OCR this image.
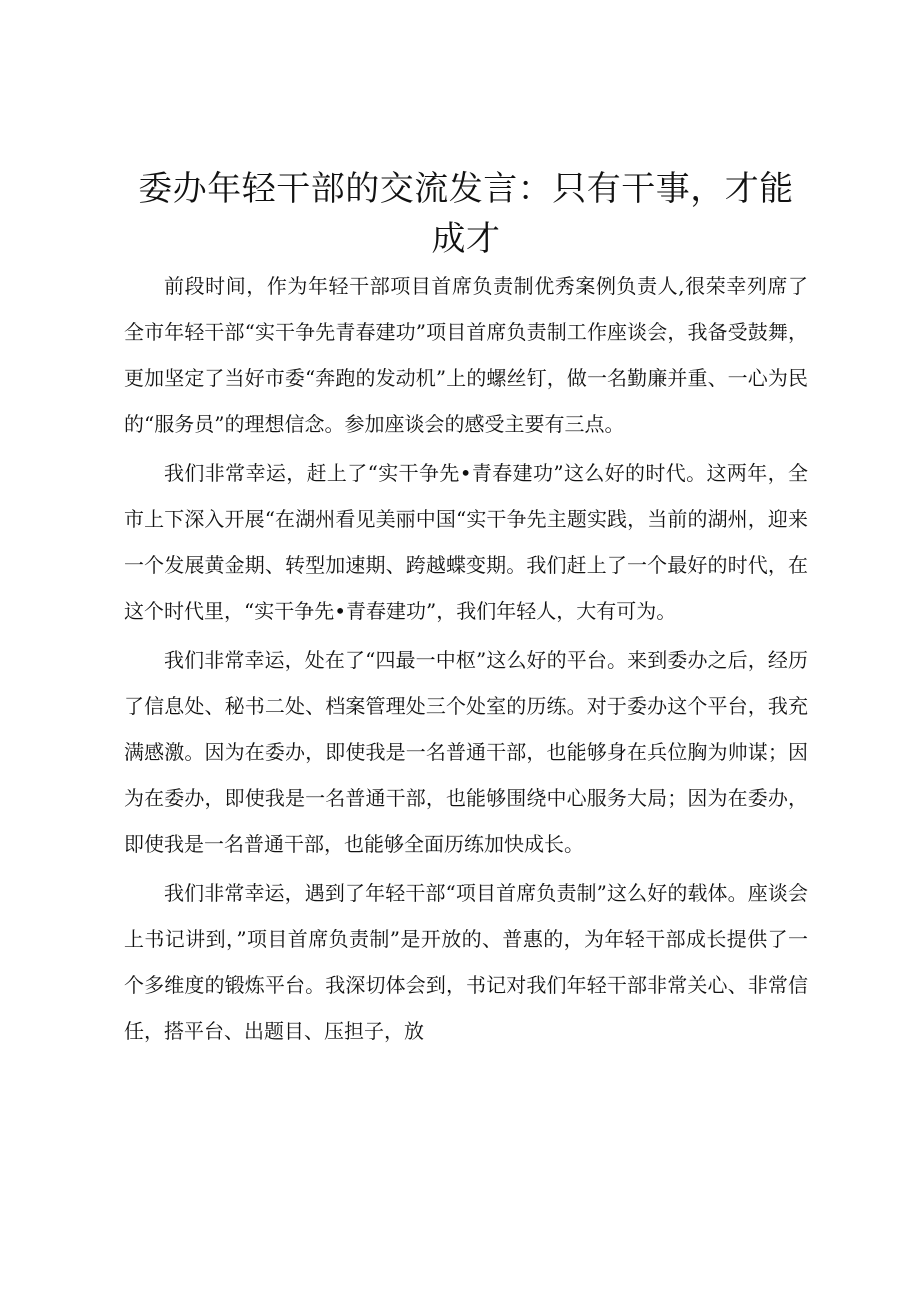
委办年轻干部的交流发言：只有干事，才能成才

前段时间，作为年轻干部项目首席负责制优秀案例负责人,很荣幸列席了全市年轻干部“实干争先青春建功”项目首席负责制工作座谈会，我备受鼓舞，更加坚定了当好市委“奔跑的发动机”上的螺丝钉，做一名勤廉并重、一心为民的“服务员”的理想信念。参加座谈会的感受主要有三点。

我们非常幸运，赶上了“实干争先•青春建功”这么好的时代。这两年，全市上下深入开展“在湖州看见美丽中国“实干争先主题实践，当前的湖州，迎来一个发展黄金期、转型加速期、跨越蝶变期。我们赶上了一个最好的时代，在这个时代里，“实干争先•青春建功”，我们年轻人，大有可为。

我们非常幸运，处在了“四最一中枢”这么好的平台。来到委办之后，经历了信息处、秘书二处、档案管理处三个处室的历练。对于委办这个平台，我充满感激。因为在委办，即使我是一名普通干部，也能够身在兵位胸为帅谋；因为在委办，即使我是一名普通干部，也能够围绕中心服务大局；因为在委办，即使我是一名普通干部，也能够全面历练加快成长。

我们非常幸运，遇到了年轻干部“项目首席负责制”这么好的载体。座谈会上书记讲到，”项目首席负责制”是开放的、普惠的，为年轻干部成长提供了一个多维度的锻炼平台。我深切体会到，书记对我们年轻干部非常关心、非常信任，搭平台、出题目、压担子，放
